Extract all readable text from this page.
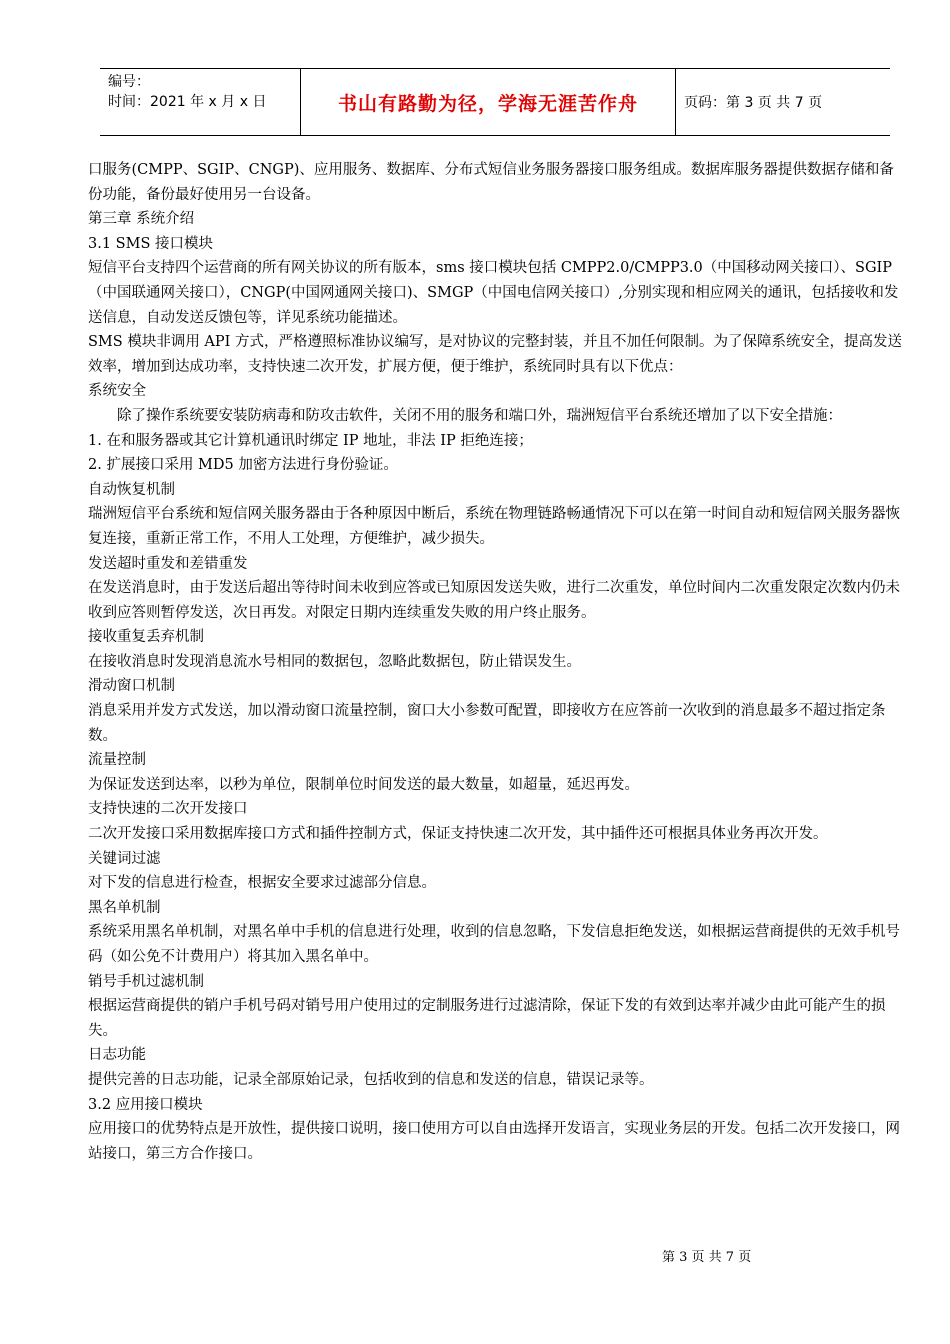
编号：
时间：2021 年 x 月 x 日	书山有路勤为径，学海无涯苦作舟	页码：第 3 页 共 7 页

口服务(CMPP、SGIP、CNGP)、应用服务、数据库、分布式短信业务服务器接口服务组成。数据库服务器提供数据存储和备份功能，备份最好使用另一台设备。

第三章 系统介绍

3.1 SMS 接口模块

短信平台支持四个运营商的所有网关协议的所有版本，sms 接口模块包括 CMPP2.0/CMPP3.0（中国移动网关接口）、SGIP（中国联通网关接口），CNGP(中国网通网关接口)、SMGP（中国电信网关接口）,分别实现和相应网关的通讯，包括接收和发送信息，自动发送反馈包等，详见系统功能描述。

SMS 模块非调用 API 方式，严格遵照标准协议编写，是对协议的完整封装，并且不加任何限制。为了保障系统安全，提高发送效率，增加到达成功率，支持快速二次开发，扩展方便，便于维护，系统同时具有以下优点：

系统安全

除了操作系统要安装防病毒和防攻击软件，关闭不用的服务和端口外，瑞洲短信平台系统还增加了以下安全措施：

1. 在和服务器或其它计算机通讯时绑定 IP 地址，非法 IP 拒绝连接；

2. 扩展接口采用 MD5 加密方法进行身份验证。

自动恢复机制

瑞洲短信平台系统和短信网关服务器由于各种原因中断后，系统在物理链路畅通情况下可以在第一时间自动和短信网关服务器恢复连接，重新正常工作，不用人工处理，方便维护，减少损失。

发送超时重发和差错重发

在发送消息时，由于发送后超出等待时间未收到应答或已知原因发送失败，进行二次重发，单位时间内二次重发限定次数内仍未收到应答则暂停发送，次日再发。对限定日期内连续重发失败的用户终止服务。

接收重复丢弃机制

在接收消息时发现消息流水号相同的数据包，忽略此数据包，防止错误发生。

滑动窗口机制

消息采用并发方式发送，加以滑动窗口流量控制，窗口大小参数可配置，即接收方在应答前一次收到的消息最多不超过指定条数。

流量控制

为保证发送到达率，以秒为单位，限制单位时间发送的最大数量，如超量，延迟再发。

支持快速的二次开发接口

二次开发接口采用数据库接口方式和插件控制方式，保证支持快速二次开发，其中插件还可根据具体业务再次开发。

关键词过滤

对下发的信息进行检查，根据安全要求过滤部分信息。

黑名单机制

系统采用黑名单机制，对黑名单中手机的信息进行处理，收到的信息忽略，下发信息拒绝发送，如根据运营商提供的无效手机号码（如公免不计费用户）将其加入黑名单中。

销号手机过滤机制

根据运营商提供的销户手机号码对销号用户使用过的定制服务进行过滤清除，保证下发的有效到达率并减少由此可能产生的损失。

日志功能

提供完善的日志功能，记录全部原始记录，包括收到的信息和发送的信息，错误记录等。

3.2 应用接口模块

应用接口的优势特点是开放性，提供接口说明，接口使用方可以自由选择开发语言，实现业务层的开发。包括二次开发接口，网站接口，第三方合作接口。

第 3 页 共 7 页
